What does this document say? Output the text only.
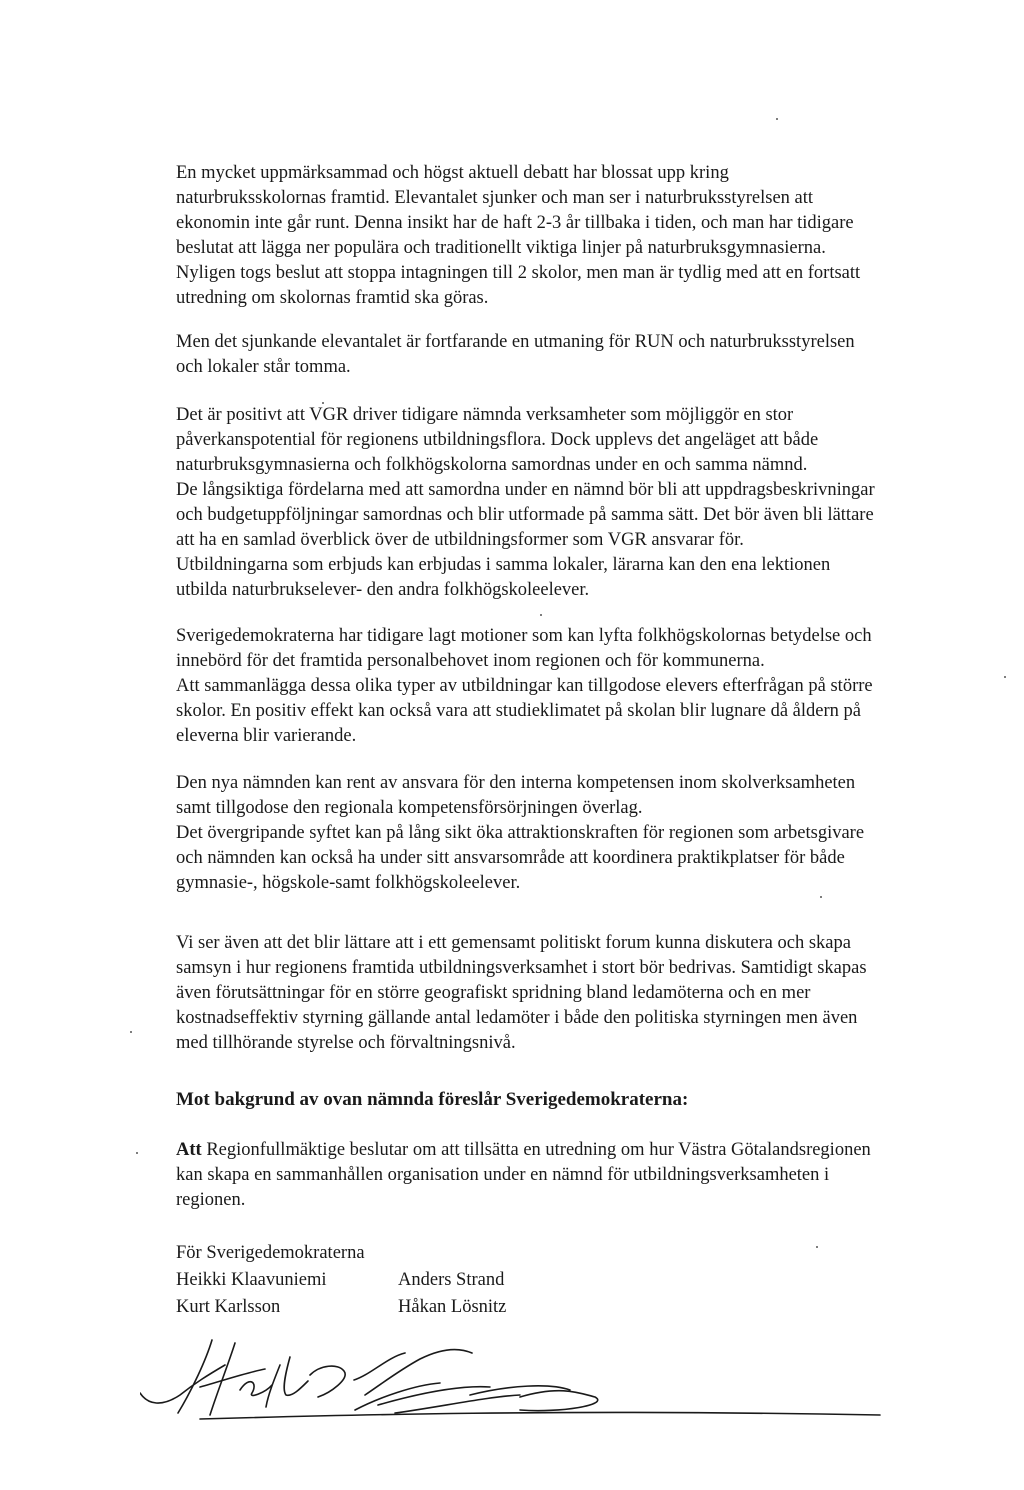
En mycket uppmärksammad och högst aktuell debatt har blossat upp kring
naturbruksskolornas framtid. Elevantalet sjunker och man ser i naturbruksstyrelsen att
ekonomin inte går runt. Denna insikt har de haft 2-3 år tillbaka i tiden, och man har tidigare
beslutat att lägga ner populära och traditionellt viktiga linjer på naturbruksgymnasierna.
Nyligen togs beslut att stoppa intagningen till 2 skolor, men man är tydlig med att en fortsatt
utredning om skolornas framtid ska göras.
Men det sjunkande elevantalet är fortfarande en utmaning för RUN och naturbruksstyrelsen
och lokaler står tomma.
Det är positivt att VGR driver tidigare nämnda verksamheter som möjliggör en stor
påverkanspotential för regionens utbildningsflora. Dock upplevs det angeläget att både
naturbruksgymnasierna och folkhögskolorna samordnas under en och samma nämnd.
De långsiktiga fördelarna med att samordna under en nämnd bör bli att uppdragsbeskrivningar
och budgetuppföljningar samordnas och blir utformade på samma sätt. Det bör även bli lättare
att ha en samlad överblick över de utbildningsformer som VGR ansvarar för.
Utbildningarna som erbjuds kan erbjudas i samma lokaler, lärarna kan den ena lektionen
utbilda naturbrukselever- den andra folkhögskoleelever.
Sverigedemokraterna har tidigare lagt motioner som kan lyfta folkhögskolornas betydelse och
innebörd för det framtida personalbehovet inom regionen och för kommunerna.
Att sammanlägga dessa olika typer av utbildningar kan tillgodose elevers efterfrågan på större
skolor. En positiv effekt kan också vara att studieklimatet på skolan blir lugnare då åldern på
eleverna blir varierande.
Den nya nämnden kan rent av ansvara för den interna kompetensen inom skolverksamheten
samt tillgodose den regionala kompetensförsörjningen överlag.
Det övergripande syftet kan på lång sikt öka attraktionskraften för regionen som arbetsgivare
och nämnden kan också ha under sitt ansvarsområde att koordinera praktikplatser för både
gymnasie-, högskole-samt folkhögskoleelever.
Vi ser även att det blir lättare att i ett gemensamt politiskt forum kunna diskutera och skapa
samsyn i hur regionens framtida utbildningsverksamhet i stort bör bedrivas. Samtidigt skapas
även förutsättningar för en större geografiskt spridning bland ledamöterna och en mer
kostnadseffektiv styrning gällande antal ledamöter i både den politiska styrningen men även
med tillhörande styrelse och förvaltningsnivå.
Mot bakgrund av ovan nämnda föreslår Sverigedemokraterna:
Att Regionfullmäktige beslutar om att tillsätta en utredning om hur Västra Götalandsregionen
kan skapa en sammanhållen organisation under en nämnd för utbildningsverksamheten i
regionen.
För Sverigedemokraterna
Heikki Klaavuniemi	Anders Strand
Kurt Karlsson	Håkan Lösnitz
